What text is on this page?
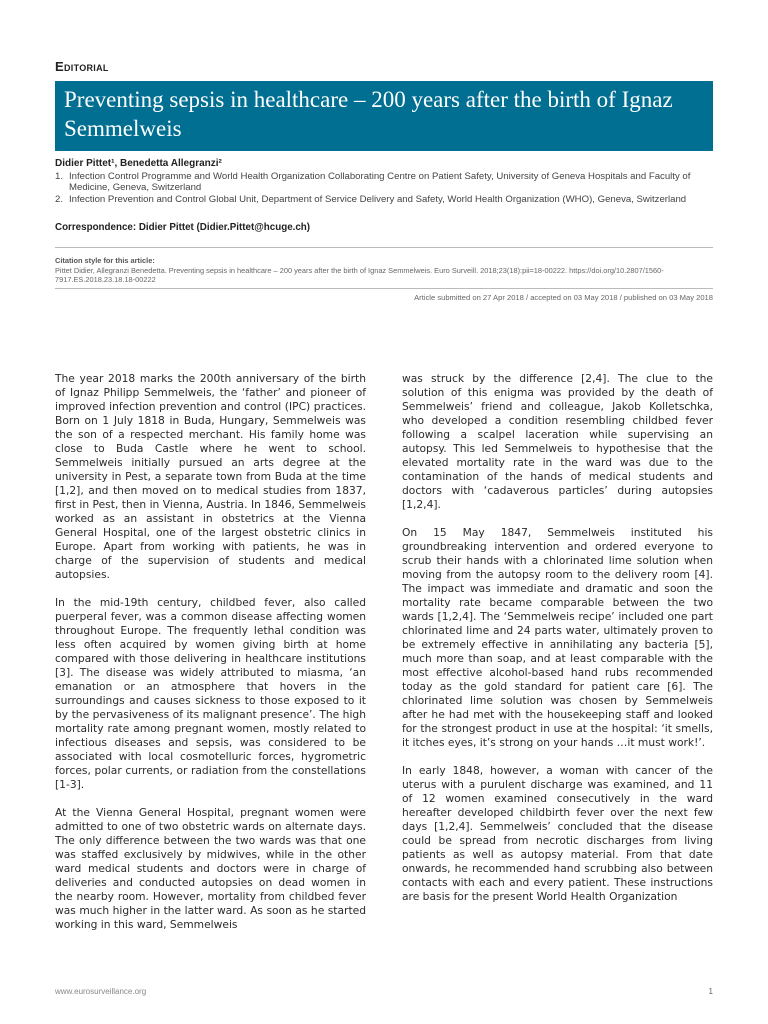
Editorial
Preventing sepsis in healthcare – 200 years after the birth of Ignaz Semmelweis
Didier Pittet¹, Benedetta Allegranzi²
1. Infection Control Programme and World Health Organization Collaborating Centre on Patient Safety, University of Geneva Hospitals and Faculty of Medicine, Geneva, Switzerland
2. Infection Prevention and Control Global Unit, Department of Service Delivery and Safety, World Health Organization (WHO), Geneva, Switzerland
Correspondence: Didier Pittet (Didier.Pittet@hcuge.ch)
Citation style for this article:
Pittet Didier, Allegranzi Benedetta. Preventing sepsis in healthcare – 200 years after the birth of Ignaz Semmelweis. Euro Surveill. 2018;23(18):pii=18-00222. https://doi.org/10.2807/1560-7917.ES.2018.23.18.18-00222
Article submitted on 27 Apr 2018 / accepted on 03 May 2018 / published on 03 May 2018

The year 2018 marks the 200th anniversary of the birth of Ignaz Philipp Semmelweis, the ‘father’ and pioneer of improved infection prevention and control (IPC) practices. Born on 1 July 1818 in Buda, Hungary, Semmelweis was the son of a respected merchant. His family home was close to Buda Castle where he went to school. Semmelweis initially pursued an arts degree at the university in Pest, a separate town from Buda at the time [1,2], and then moved on to medical studies from 1837, first in Pest, then in Vienna, Austria. In 1846, Semmelweis worked as an assistant in obstetrics at the Vienna General Hospital, one of the largest obstetric clinics in Europe. Apart from working with patients, he was in charge of the supervision of students and medical autopsies.

In the mid-19th century, childbed fever, also called puerperal fever, was a common disease affecting women throughout Europe. The frequently lethal condition was less often acquired by women giving birth at home compared with those delivering in healthcare institutions [3]. The disease was widely attributed to miasma, ‘an emanation or an atmosphere that hovers in the surroundings and causes sickness to those exposed to it by the pervasiveness of its malignant presence’. The high mortality rate among pregnant women, mostly related to infectious diseases and sepsis, was considered to be associated with local cosmotelluric forces, hygrometric forces, polar currents, or radiation from the constellations [1-3].

At the Vienna General Hospital, pregnant women were admitted to one of two obstetric wards on alternate days. The only difference between the two wards was that one was staffed exclusively by midwives, while in the other ward medical students and doctors were in charge of deliveries and conducted autopsies on dead women in the nearby room. However, mortality from childbed fever was much higher in the latter ward. As soon as he started working in this ward, Semmelweis

was struck by the difference [2,4]. The clue to the solution of this enigma was provided by the death of Semmelweis’ friend and colleague, Jakob Kolletschka, who developed a condition resembling childbed fever following a scalpel laceration while supervising an autopsy. This led Semmelweis to hypothesise that the elevated mortality rate in the ward was due to the contamination of the hands of medical students and doctors with ‘cadaverous particles’ during autopsies [1,2,4].

On 15 May 1847, Semmelweis instituted his groundbreaking intervention and ordered everyone to scrub their hands with a chlorinated lime solution when moving from the autopsy room to the delivery room [4]. The impact was immediate and dramatic and soon the mortality rate became comparable between the two wards [1,2,4]. The ‘Semmelweis recipe’ included one part chlorinated lime and 24 parts water, ultimately proven to be extremely effective in annihilating any bacteria [5], much more than soap, and at least comparable with the most effective alcohol-based hand rubs recommended today as the gold standard for patient care [6]. The chlorinated lime solution was chosen by Semmelweis after he had met with the housekeeping staff and looked for the strongest product in use at the hospital: ‘it smells, it itches eyes, it’s strong on your hands …it must work!’.

In early 1848, however, a woman with cancer of the uterus with a purulent discharge was examined, and 11 of 12 women examined consecutively in the ward hereafter developed childbirth fever over the next few days [1,2,4]. Semmelweis’ concluded that the disease could be spread from necrotic discharges from living patients as well as autopsy material. From that date onwards, he recommended hand scrubbing also between contacts with each and every patient. These instructions are basis for the present World Health Organization

www.eurosurveillance.org	1
